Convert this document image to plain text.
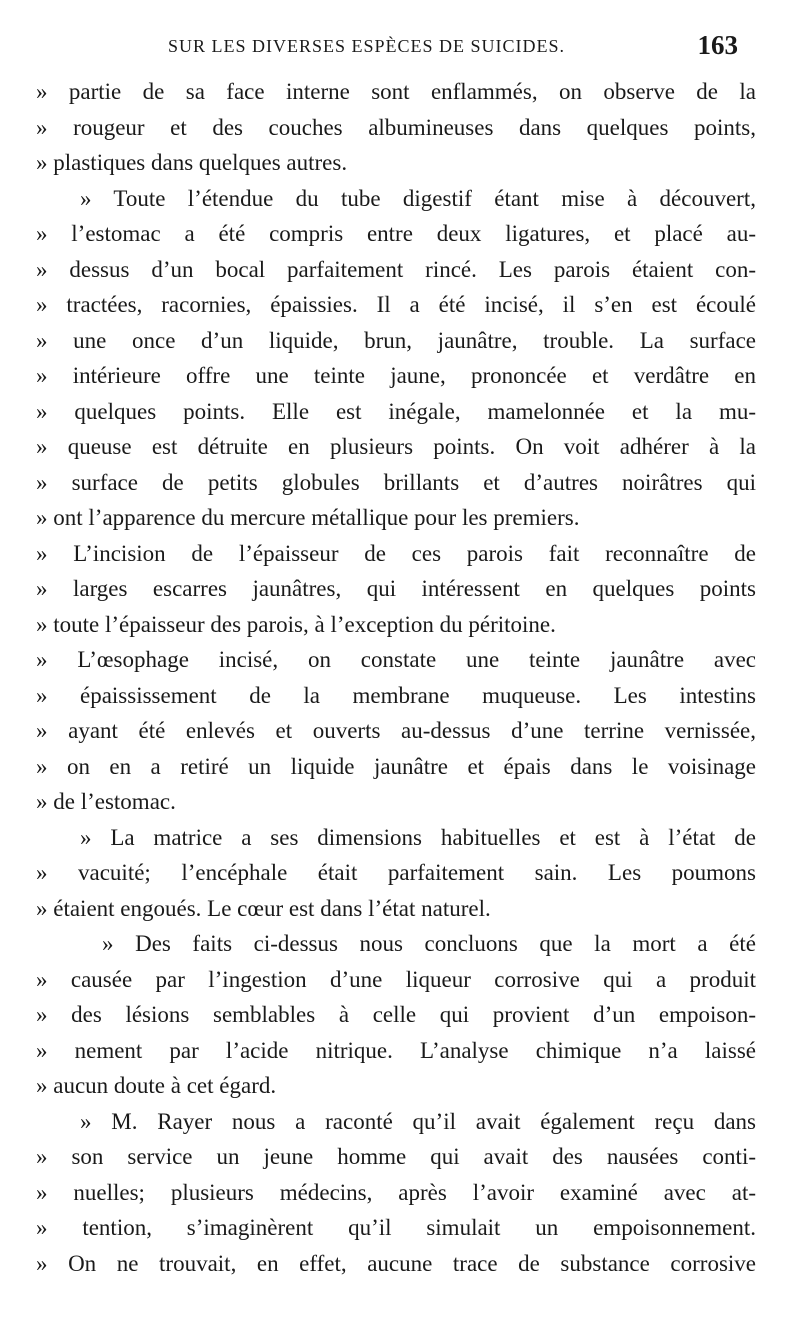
SUR LES DIVERSES ESPÈCES DE SUICIDES.	163
» partie de sa face interne sont enflammés, on observe de la
» rougeur et des couches albumineuses dans quelques points,
» plastiques dans quelques autres.
» Toute l’étendue du tube digestif étant mise à découvert,
» l’estomac a été compris entre deux ligatures, et placé au-
» dessus d’un bocal parfaitement rincé. Les parois étaient con-
» tractées, racornies, épaissies. Il a été incisé, il s’en est écoulé
» une once d’un liquide, brun, jaunâtre, trouble. La surface
» intérieure offre une teinte jaune, prononcée et verdâtre en
» quelques points. Elle est inégale, mamelonnée et la mu-
» queuse est détruite en plusieurs points. On voit adhérer à la
» surface de petits globules brillants et d’autres noirâtres qui
» ont l’apparence du mercure métallique pour les premiers.
» L’incision de l’épaisseur de ces parois fait reconnaître de
» larges escarres jaunâtres, qui intéressent en quelques points
» toute l’épaisseur des parois, à l’exception du péritoine.
» L’œsophage incisé, on constate une teinte jaunâtre avec
» épaississement de la membrane muqueuse. Les intestins
» ayant été enlevés et ouverts au-dessus d’une terrine vernissée,
» on en a retiré un liquide jaunâtre et épais dans le voisinage
» de l’estomac.
» La matrice a ses dimensions habituelles et est à l’état de
» vacuité; l’encéphale était parfaitement sain. Les poumons
» étaient engoués. Le cœur est dans l’état naturel.
» Des faits ci-dessus nous concluons que la mort a été
» causée par l’ingestion d’une liqueur corrosive qui a produit
» des lésions semblables à celle qui provient d’un empoison-
» nement par l’acide nitrique. L’analyse chimique n’a laissé
» aucun doute à cet égard.
» M. Rayer nous a raconté qu’il avait également reçu dans
» son service un jeune homme qui avait des nausées conti-
» nuelles; plusieurs médecins, après l’avoir examiné avec at-
» tention, s’imaginèrent qu’il simulait un empoisonnement.
» On ne trouvait, en effet, aucune trace de substance corrosive
